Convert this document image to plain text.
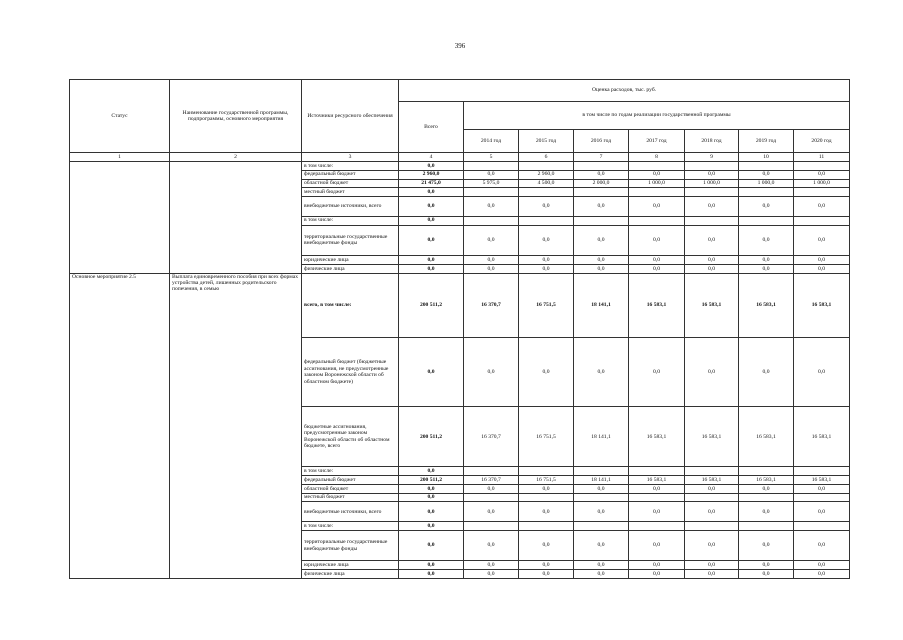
396
Статус	Наименование государственной программы, подпрограммы, основного мероприятия	Источники ресурсного обеспечения	Оценка расходов, тыс. руб.							
			Всего	в том числе по годам реализации государственной программы						
				2014 год	2015 год	2016 год	2017 год	2018 год	2019 год	2020 год
1	2	3	4	5	6	7	8	9	10	11
		в том числе:	0,0							
		федеральный бюджет	2 960,0	0,0	2 960,0	0,0	0,0	0,0	0,0	0,0
		областной бюджет	21 475,0	5 975,0	4 500,0	2 000,0	1 000,0	1 000,0	1 000,0	1 000,0
		местный бюджет	0,0							
		внебюджетные источники, всего	0,0	0,0	0,0	0,0	0,0	0,0	0,0	0,0
		в том числе:	0,0							
		территориальные государственные внебюджетные фонды	0,0	0,0	0,0	0,0	0,0	0,0	0,0	0,0
		юридические лица	0,0	0,0	0,0	0,0	0,0	0,0	0,0	0,0
		физические лица	0,0	0,0	0,0	0,0	0,0	0,0	0,0	0,0
Основное мероприятие 2.5	Выплата единовременного пособия при всех формах устройства детей, лишенных родительского попечения, в семью	всего, в том числе:	200 511,2	16 370,7	16 751,5	18 141,1	16 583,1	16 583,1	16 583,1	16 583,1
		федеральный бюджет (бюджетные ассигнования, не предусмотренные законом Воронежской области об областном бюджете)	0,0	0,0	0,0	0,0	0,0	0,0	0,0	0,0
		бюджетные ассигнования, предусмотренные законом Воронежской области об областном бюджете, всего	200 511,2	16 370,7	16 751,5	18 141,1	16 583,1	16 583,1	16 583,1	16 583,1
		в том числе:	0,0							
		федеральный бюджет	200 511,2	16 370,7	16 751,5	18 141,1	16 583,1	16 583,1	16 583,1	16 583,1
		областной бюджет	0,0	0,0	0,0	0,0	0,0	0,0	0,0	0,0
		местный бюджет	0,0							
		внебюджетные источники, всего	0,0	0,0	0,0	0,0	0,0	0,0	0,0	0,0
		в том числе:	0,0							
		территориальные государственные внебюджетные фонды	0,0	0,0	0,0	0,0	0,0	0,0	0,0	0,0
		юридические лица	0,0	0,0	0,0	0,0	0,0	0,0	0,0	0,0
		физические лица	0,0	0,0	0,0	0,0	0,0	0,0	0,0	0,0
